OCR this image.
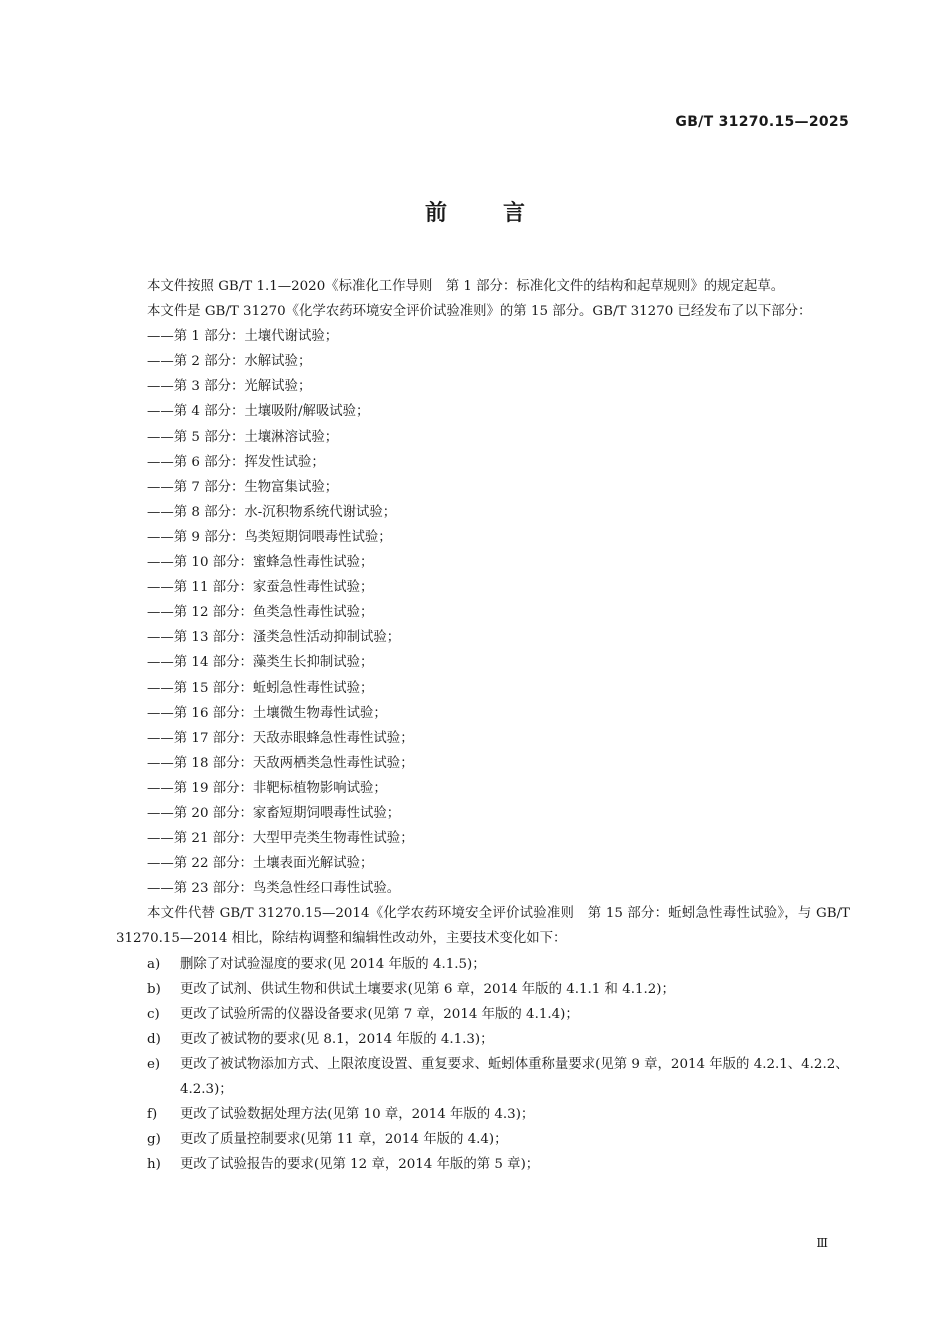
GB/T 31270.15—2025
前言

本文件按照 GB/T 1.1—2020《标准化工作导则　第 1 部分：标准化文件的结构和起草规则》的规定起草。

本文件是 GB/T 31270《化学农药环境安全评价试验准则》的第 15 部分。GB/T 31270 已经发布了以下部分：

——第 1 部分：土壤代谢试验；

——第 2 部分：水解试验；

——第 3 部分：光解试验；

——第 4 部分：土壤吸附/解吸试验；

——第 5 部分：土壤淋溶试验；

——第 6 部分：挥发性试验；

——第 7 部分：生物富集试验；

——第 8 部分：水-沉积物系统代谢试验；

——第 9 部分：鸟类短期饲喂毒性试验；

——第 10 部分：蜜蜂急性毒性试验；

——第 11 部分：家蚕急性毒性试验；

——第 12 部分：鱼类急性毒性试验；

——第 13 部分：溞类急性活动抑制试验；

——第 14 部分：藻类生长抑制试验；

——第 15 部分：蚯蚓急性毒性试验；

——第 16 部分：土壤微生物毒性试验；

——第 17 部分：天敌赤眼蜂急性毒性试验；

——第 18 部分：天敌两栖类急性毒性试验；

——第 19 部分：非靶标植物影响试验；

——第 20 部分：家畜短期饲喂毒性试验；

——第 21 部分：大型甲壳类生物毒性试验；

——第 22 部分：土壤表面光解试验；

——第 23 部分：鸟类急性经口毒性试验。

本文件代替 GB/T 31270.15—2014《化学农药环境安全评价试验准则　第 15 部分：蚯蚓急性毒性试验》，与 GB/T 31270.15—2014 相比，除结构调整和编辑性改动外，主要技术变化如下：

a) 删除了对试验湿度的要求(见 2014 年版的 4.1.5)；

b) 更改了试剂、供试生物和供试土壤要求(见第 6 章，2014 年版的 4.1.1 和 4.1.2)；

c) 更改了试验所需的仪器设备要求(见第 7 章，2014 年版的 4.1.4)；

d) 更改了被试物的要求(见 8.1，2014 年版的 4.1.3)；

e) 更改了被试物添加方式、上限浓度设置、重复要求、蚯蚓体重称量要求(见第 9 章，2014 年版的 4.2.1、4.2.2、4.2.3)；

f) 更改了试验数据处理方法(见第 10 章，2014 年版的 4.3)；

g) 更改了质量控制要求(见第 11 章，2014 年版的 4.4)；

h) 更改了试验报告的要求(见第 12 章，2014 年版的第 5 章)；

Ⅲ
